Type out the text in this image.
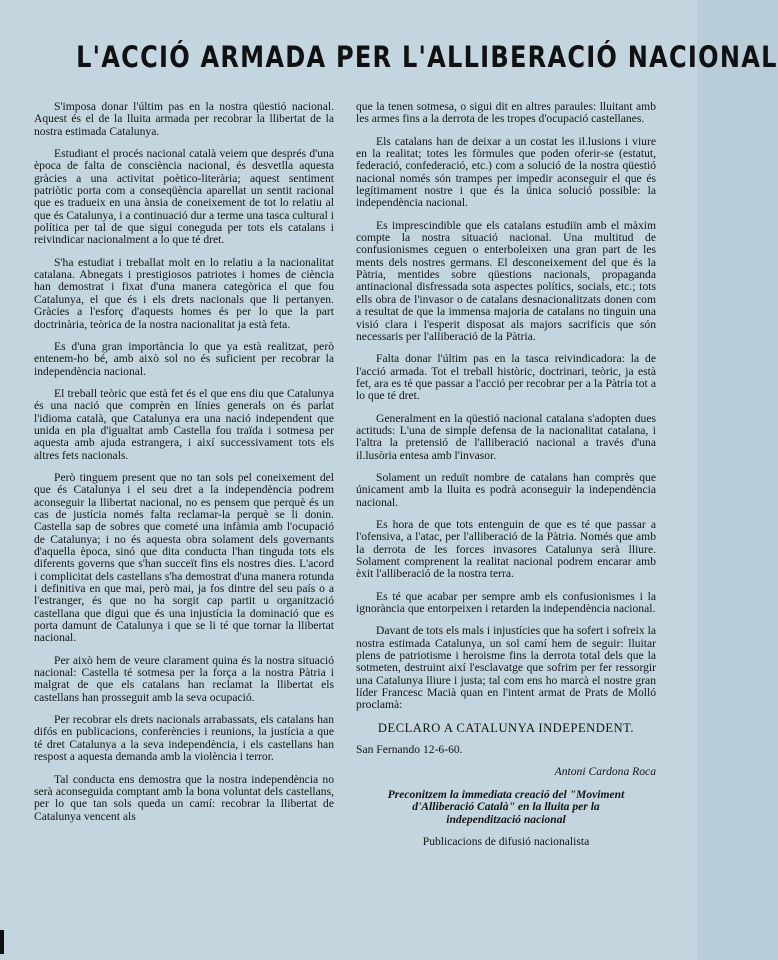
L'ACCIÓ ARMADA PER L'ALLIBERACIÓ NACIONAL

S'imposa donar l'últim pas en la nostra qüestió nacional. Aquest és el de la lluita armada per recobrar la llibertat de la nostra estimada Catalunya.

Estudiant el procés nacional català veiem que després d'una època de falta de consciència nacional, és desvetlla aquesta gràcies a una activitat poètico-literària; aquest sentiment patriòtic porta com a conseqüència aparellat un sentit racional que es tradueix en una ànsia de coneixement de tot lo relatiu al que és Catalunya, i a continuació dur a terme una tasca cultural i política per tal de que sigui coneguda per tots els catalans i reivindicar nacionalment a lo que té dret.

S'ha estudiat i treballat molt en lo relatiu a la nacionalitat catalana. Abnegats i prestigiosos patriotes i homes de ciència han demostrat i fixat d'una manera categòrica el que fou Catalunya, el que és i els drets nacionals que li pertanyen. Gràcies a l'esforç d'aquests homes és per lo que la part doctrinària, teòrica de la nostra nacionalitat ja està feta.

Es d'una gran importància lo que ya està realitzat, però entenem-ho bé, amb això sol no és suficient per recobrar la independència nacional.

El treball teòric que està fet és el que ens diu que Catalunya és una nació que comprèn en línies generals on és parlat l'idioma català, que Catalunya era una nació independent que unida en pla d'igualtat amb Castella fou traïda i sotmesa per aquesta amb ajuda estrangera, i així successivament tots els altres fets nacionals.

Però tinguem present que no tan sols pel coneixement del que és Catalunya i el seu dret a la independència podrem aconseguir la llibertat nacional, no es pensem que perquè és un cas de justícia només falta reclamar-la perquè se li donin. Castella sap de sobres que cometé una infàmia amb l'ocupació de Catalunya; i no és aquesta obra solament dels governants d'aquella època, sinó que dita conducta l'han tinguda tots els diferents governs que s'han succeït fins els nostres dies. L'acord i complicitat dels castellans s'ha demostrat d'una manera rotunda i definitiva en que mai, però mai, ja fos dintre del seu país o a l'estranger, és que no ha sorgit cap partit u organització castellana que digui que és una injustícia la dominació que es porta damunt de Catalunya i que se li té que tornar la llibertat nacional.

Per això hem de veure clarament quina és la nostra situació nacional: Castella té sotmesa per la força a la nostra Pàtria i malgrat de que els catalans han reclamat la llibertat els castellans han prosseguit amb la seva ocupació.

Per recobrar els drets nacionals arrabassats, els catalans han difós en publicacions, conferències i reunions, la justícia a que té dret Catalunya a la seva independència, i els castellans han respost a aquesta demanda amb la violència i terror.

Tal conducta ens demostra que la nostra independència no serà aconseguida comptant amb la bona voluntat dels castellans, per lo que tan sols queda un camí: recobrar la llibertat de Catalunya vencent als

que la tenen sotmesa, o sigui dit en altres paraules: lluitant amb les armes fins a la derrota de les tropes d'ocupació castellanes.

Els catalans han de deixar a un costat les il.lusions i viure en la realitat; totes les fòrmules que poden oferir-se (estatut, federació, confederació, etc.) com a solució de la nostra qüestió nacional només són trampes per impedir aconseguir el que és legítimament nostre i que és la única solució possible: la independència nacional.

Es imprescindible que els catalans estudiïn amb el màxim compte la nostra situació nacional. Una multitud de confusionismes ceguen o enterboleixen una gran part de les ments dels nostres germans. El desconeixement del que és la Pàtria, mentides sobre qüestions nacionals, propaganda antinacional disfressada sota aspectes polítics, socials, etc.; tots ells obra de l'invasor o de catalans desnacionalitzats donen com a resultat de que la immensa majoria de catalans no tinguin una visió clara i l'esperit disposat als majors sacrificis que són necessaris per l'alliberació de la Pàtria.

Falta donar l'últim pas en la tasca reivindicadora: la de l'acció armada. Tot el treball històric, doctrinari, teòric, ja està fet, ara es té que passar a l'acció per recobrar per a la Pàtria tot a lo que té dret.

Generalment en la qüestió nacional catalana s'adopten dues actituds: L'una de simple defensa de la nacionalitat catalana, i l'altra la pretensió de l'alliberació nacional a través d'una il.lusòria entesa amb l'invasor.

Solament un reduït nombre de catalans han comprès que únicament amb la lluita es podrà aconseguir la independència nacional.

Es hora de que tots entenguin de que es té que passar a l'ofensiva, a l'atac, per l'alliberació de la Pàtria. Només que amb la derrota de les forces invasores Catalunya serà lliure. Solament comprenent la realitat nacional podrem encarar amb èxit l'alliberació de la nostra terra.

Es té que acabar per sempre amb els confusionismes i la ignorància que entorpeixen i retarden la independència nacional.

Davant de tots els mals i injustícies que ha sofert i sofreix la nostra estimada Catalunya, un sol camí hem de seguir: lluitar plens de patriotisme i heroisme fins la derrota total dels que la sotmeten, destruint així l'esclavatge que sofrim per fer ressorgir una Catalunya lliure i justa; tal com ens ho marcà el nostre gran líder Francesc Macià quan en l'intent armat de Prats de Molló proclamà:

DECLARO A CATALUNYA INDEPENDENT.

San Fernando 12-6-60.

Antoni Cardona Roca

Preconitzem la immediata creació del "Moviment
d'Alliberació Català" en la lluita per la
independització nacional

Publicacions de difusió nacionalista
